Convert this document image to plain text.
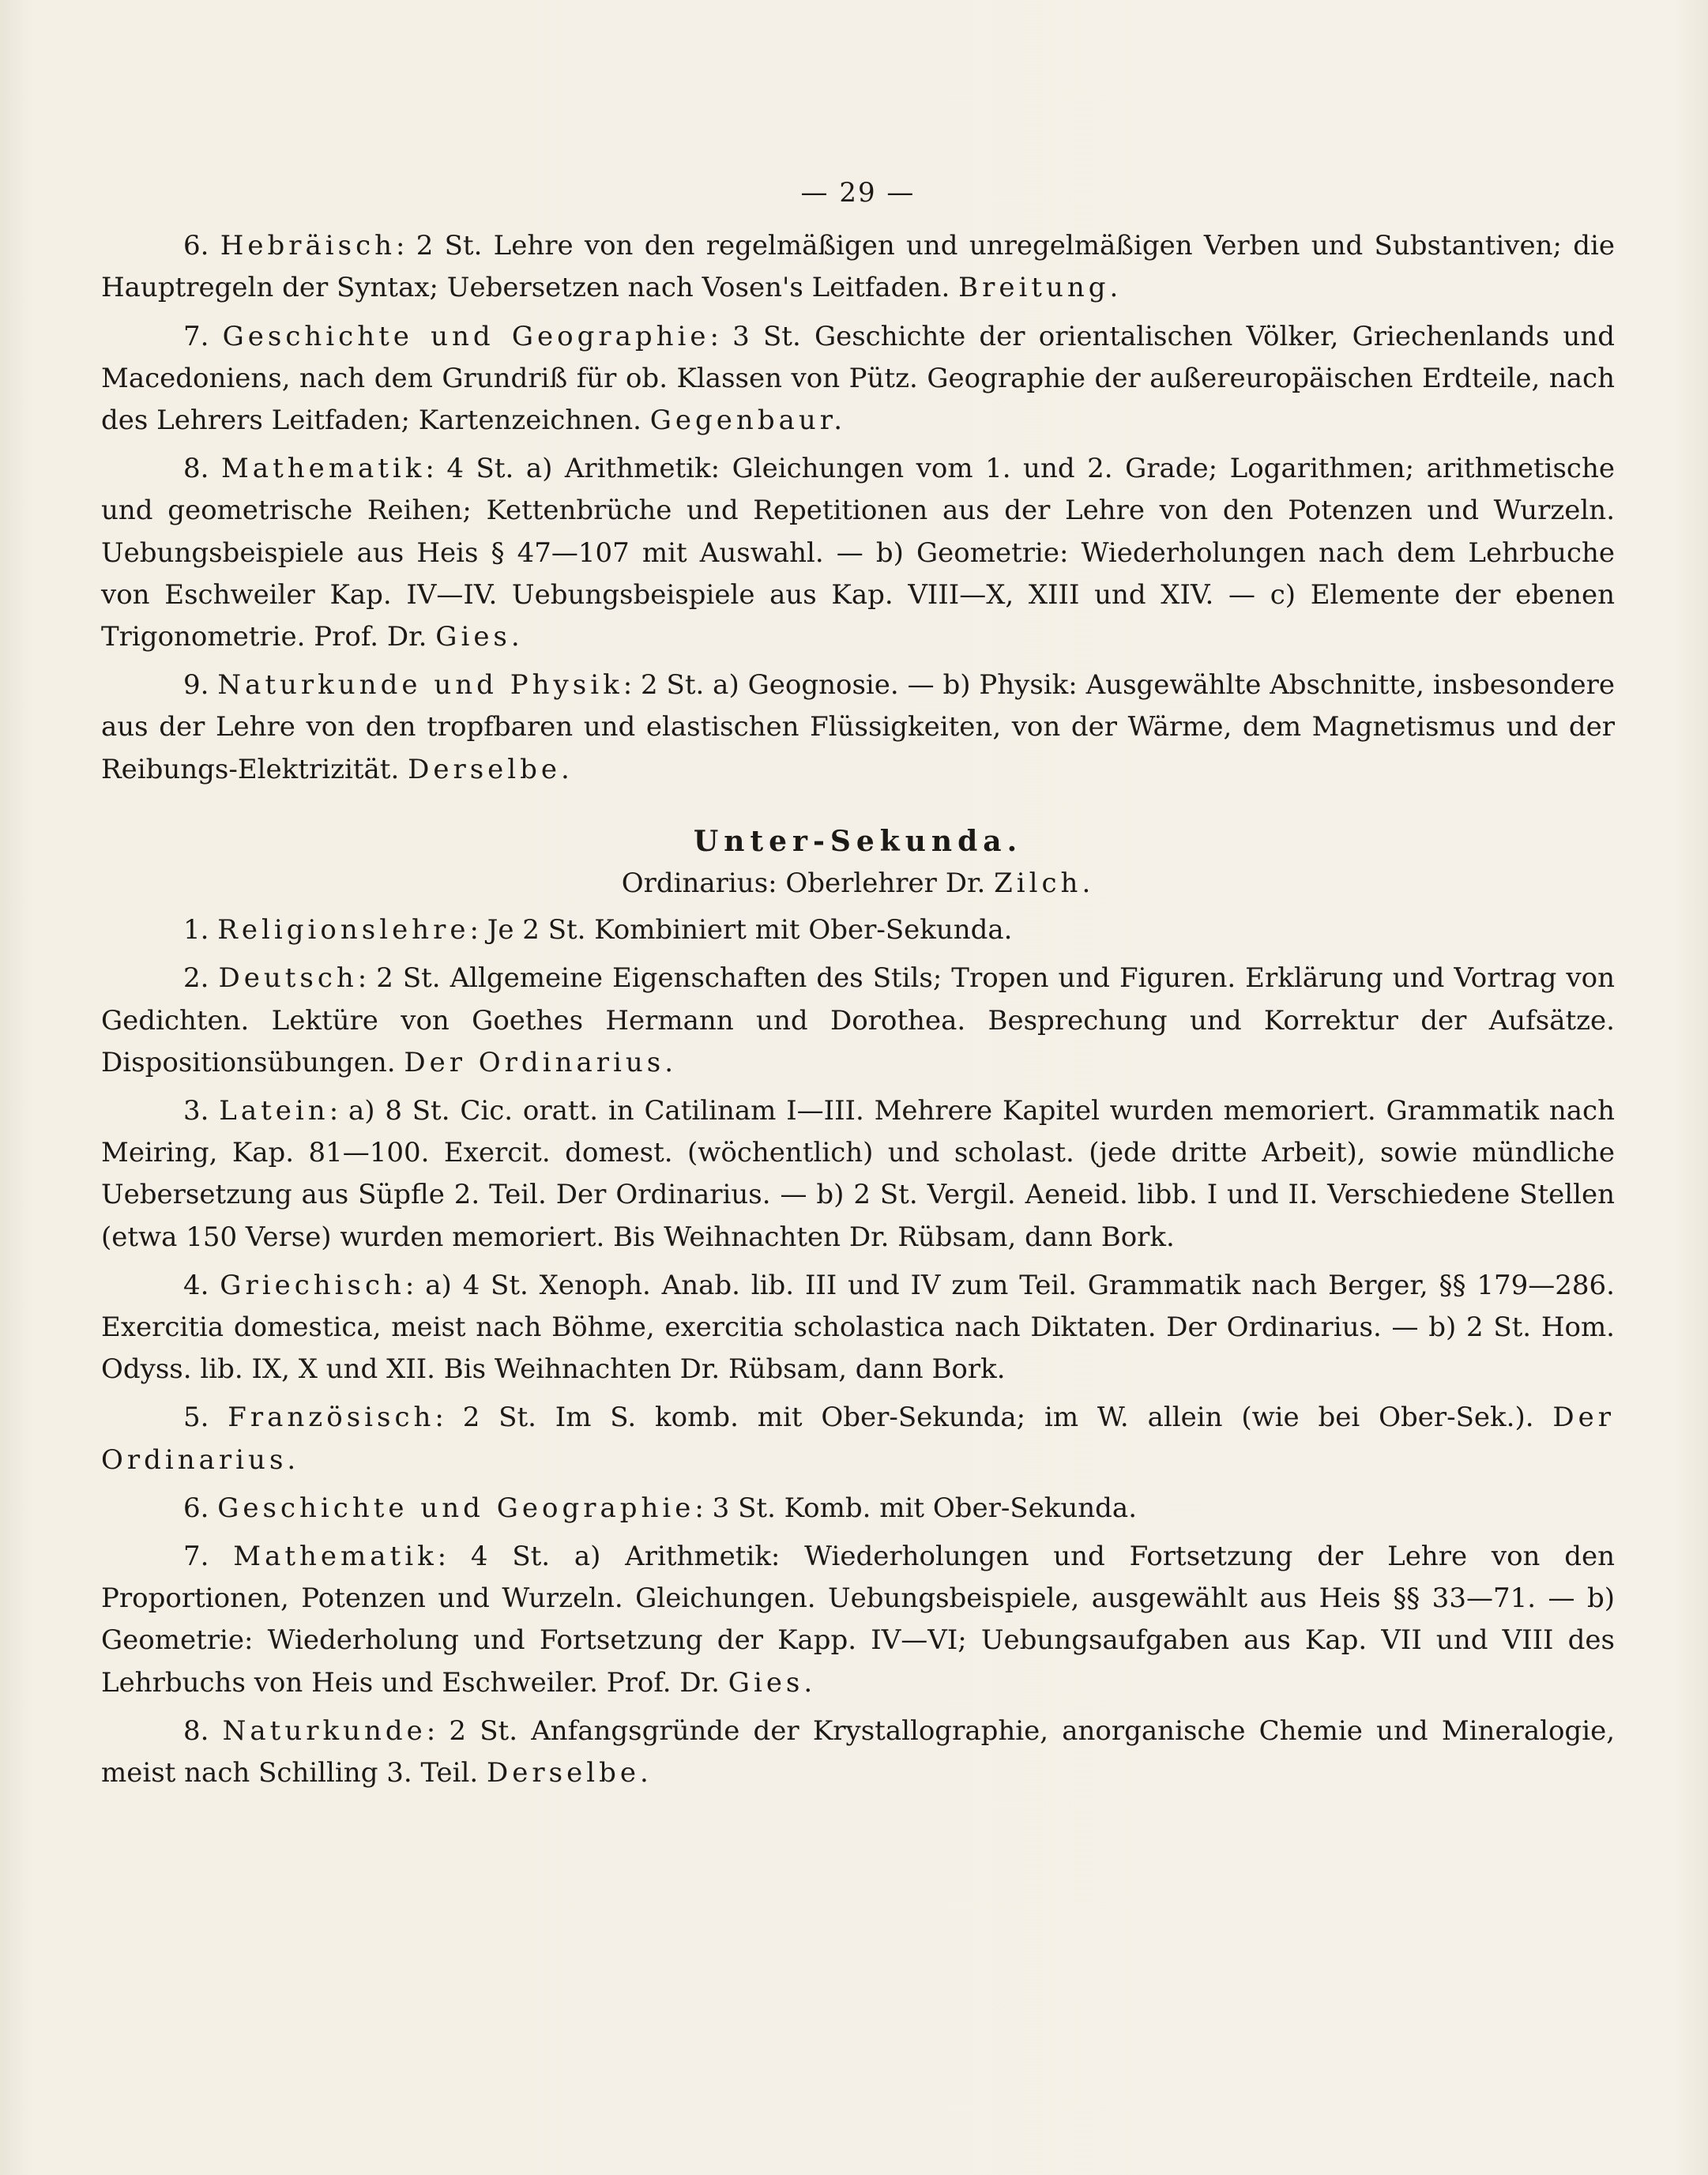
— 29 —

6. Hebräisch: 2 St. Lehre von den regelmäßigen und unregelmäßigen Verben und Substantiven; die Hauptregeln der Syntax; Uebersetzen nach Vosen's Leitfaden. Breitung.

7. Geschichte und Geographie: 3 St. Geschichte der orientalischen Völker, Griechenlands und Macedoniens, nach dem Grundriß für ob. Klassen von Pütz. Geographie der außereuropäischen Erdteile, nach des Lehrers Leitfaden; Kartenzeichnen. Gegenbaur.

8. Mathematik: 4 St. a) Arithmetik: Gleichungen vom 1. und 2. Grade; Logarithmen; arithmetische und geometrische Reihen; Kettenbrüche und Repetitionen aus der Lehre von den Potenzen und Wurzeln. Uebungsbeispiele aus Heis § 47—107 mit Auswahl. — b) Geometrie: Wiederholungen nach dem Lehrbuche von Eschweiler Kap. IV—IV. Uebungsbeispiele aus Kap. VIII—X, XIII und XIV. — c) Elemente der ebenen Trigonometrie. Prof. Dr. Gies.

9. Naturkunde und Physik: 2 St. a) Geognosie. — b) Physik: Ausgewählte Abschnitte, insbesondere aus der Lehre von den tropfbaren und elastischen Flüssigkeiten, von der Wärme, dem Magnetismus und der Reibungs-Elektrizität. Derselbe.

Unter-Sekunda.
Ordinarius: Oberlehrer Dr. Zilch.

1. Religionslehre: Je 2 St. Kombiniert mit Ober-Sekunda.

2. Deutsch: 2 St. Allgemeine Eigenschaften des Stils; Tropen und Figuren. Erklärung und Vortrag von Gedichten. Lektüre von Goethes Hermann und Dorothea. Besprechung und Korrektur der Aufsätze. Dispositionsübungen. Der Ordinarius.

3. Latein: a) 8 St. Cic. oratt. in Catilinam I—III. Mehrere Kapitel wurden memoriert. Grammatik nach Meiring, Kap. 81—100. Exercit. domest. (wöchentlich) und scholast. (jede dritte Arbeit), sowie mündliche Uebersetzung aus Süpfle 2. Teil. Der Ordinarius. — b) 2 St. Vergil. Aeneid. libb. I und II. Verschiedene Stellen (etwa 150 Verse) wurden memoriert. Bis Weihnachten Dr. Rübsam, dann Bork.

4. Griechisch: a) 4 St. Xenoph. Anab. lib. III und IV zum Teil. Grammatik nach Berger, §§ 179—286. Exercitia domestica, meist nach Böhme, exercitia scholastica nach Diktaten. Der Ordinarius. — b) 2 St. Hom. Odyss. lib. IX, X und XII. Bis Weihnachten Dr. Rübsam, dann Bork.

5. Französisch: 2 St. Im S. komb. mit Ober-Sekunda; im W. allein (wie bei Ober-Sek.). Der Ordinarius.

6. Geschichte und Geographie: 3 St. Komb. mit Ober-Sekunda.

7. Mathematik: 4 St. a) Arithmetik: Wiederholungen und Fortsetzung der Lehre von den Proportionen, Potenzen und Wurzeln. Gleichungen. Uebungsbeispiele, ausgewählt aus Heis §§ 33—71. — b) Geometrie: Wiederholung und Fortsetzung der Kapp. IV—VI; Uebungsaufgaben aus Kap. VII und VIII des Lehrbuchs von Heis und Eschweiler. Prof. Dr. Gies.

8. Naturkunde: 2 St. Anfangsgründe der Krystallographie, anorganische Chemie und Mineralogie, meist nach Schilling 3. Teil. Derselbe.
